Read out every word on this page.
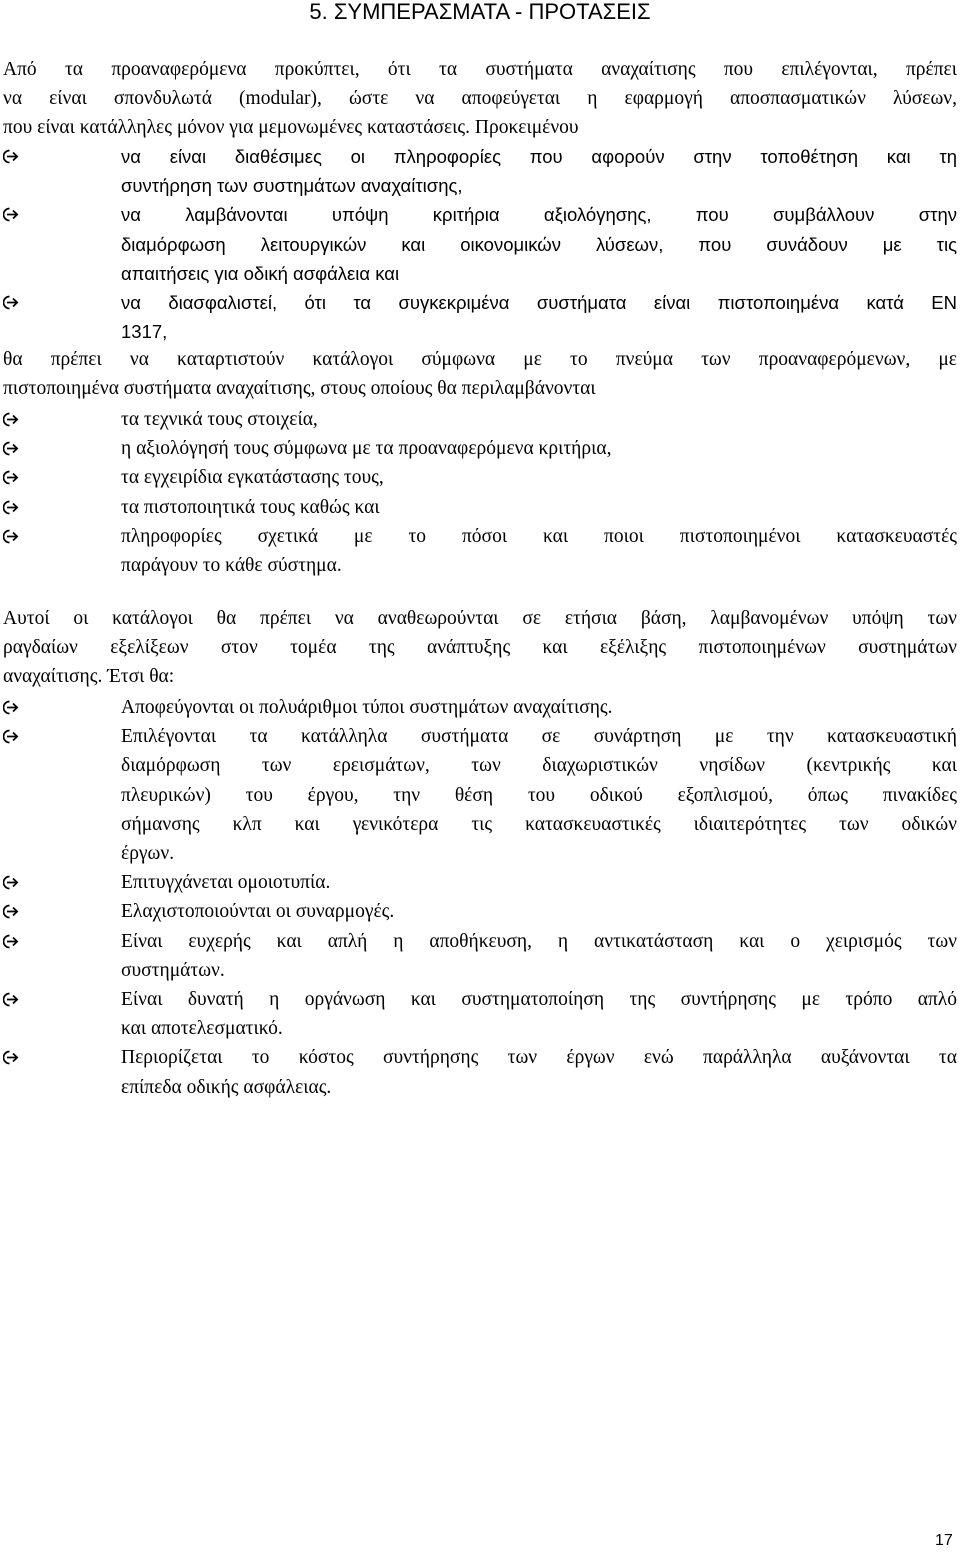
5. ΣΥΜΠΕΡΑΣΜΑΤΑ - ΠΡΟΤΑΣΕΙΣ

Από τα προαναφερόμενα προκύπτει, ότι τα συστήματα αναχαίτισης που επιλέγονται, πρέπει
να είναι σπονδυλωτά (modular), ώστε να αποφεύγεται η εφαρμογή αποσπασματικών λύσεων,
που είναι κατάλληλες μόνον για μεμονωμένες καταστάσεις. Προκειμένου

να είναι διαθέσιμες οι πληροφορίες που αφορούν στην τοποθέτηση και τη
συντήρηση των συστημάτων αναχαίτισης,
να λαμβάνονται υπόψη κριτήρια αξιολόγησης, που συμβάλλουν στην
διαμόρφωση λειτουργικών και οικονομικών λύσεων, που συνάδουν με τις
απαιτήσεις για οδική ασφάλεια και
να διασφαλιστεί, ότι τα συγκεκριμένα συστήματα είναι πιστοποιημένα κατά EN
1317,

θα πρέπει να καταρτιστούν κατάλογοι σύμφωνα με το πνεύμα των προαναφερόμενων, με
πιστοποιημένα συστήματα αναχαίτισης, στους οποίους θα περιλαμβάνονται

τα τεχνικά τους στοιχεία,
η αξιολόγησή τους σύμφωνα με τα προαναφερόμενα κριτήρια,
τα εγχειρίδια εγκατάστασης τους,
τα πιστοποιητικά τους καθώς και
πληροφορίες σχετικά με το πόσοι και ποιοι πιστοποιημένοι κατασκευαστές
παράγουν το κάθε σύστημα.

Αυτοί οι κατάλογοι θα πρέπει να αναθεωρούνται σε ετήσια βάση, λαμβανομένων υπόψη των
ραγδαίων εξελίξεων στον τομέα της ανάπτυξης και εξέλιξης πιστοποιημένων συστημάτων
αναχαίτισης. Έτσι θα:

Αποφεύγονται οι πολυάριθμοι τύποι συστημάτων αναχαίτισης.
Επιλέγονται τα κατάλληλα συστήματα σε συνάρτηση με την κατασκευαστική
διαμόρφωση των ερεισμάτων, των διαχωριστικών νησίδων (κεντρικής και
πλευρικών) του έργου, την θέση του οδικού εξοπλισμού, όπως πινακίδες
σήμανσης κλπ και γενικότερα τις κατασκευαστικές ιδιαιτερότητες των οδικών
έργων.
Επιτυγχάνεται ομοιοτυπία.
Ελαχιστοποιούνται οι συναρμογές.
Είναι ευχερής και απλή η αποθήκευση, η αντικατάσταση και ο χειρισμός των
συστημάτων.
Είναι δυνατή η οργάνωση και συστηματοποίηση της συντήρησης με τρόπο απλό
και αποτελεσματικό.
Περιορίζεται το κόστος συντήρησης των έργων ενώ παράλληλα αυξάνονται τα
επίπεδα οδικής ασφάλειας.
17
